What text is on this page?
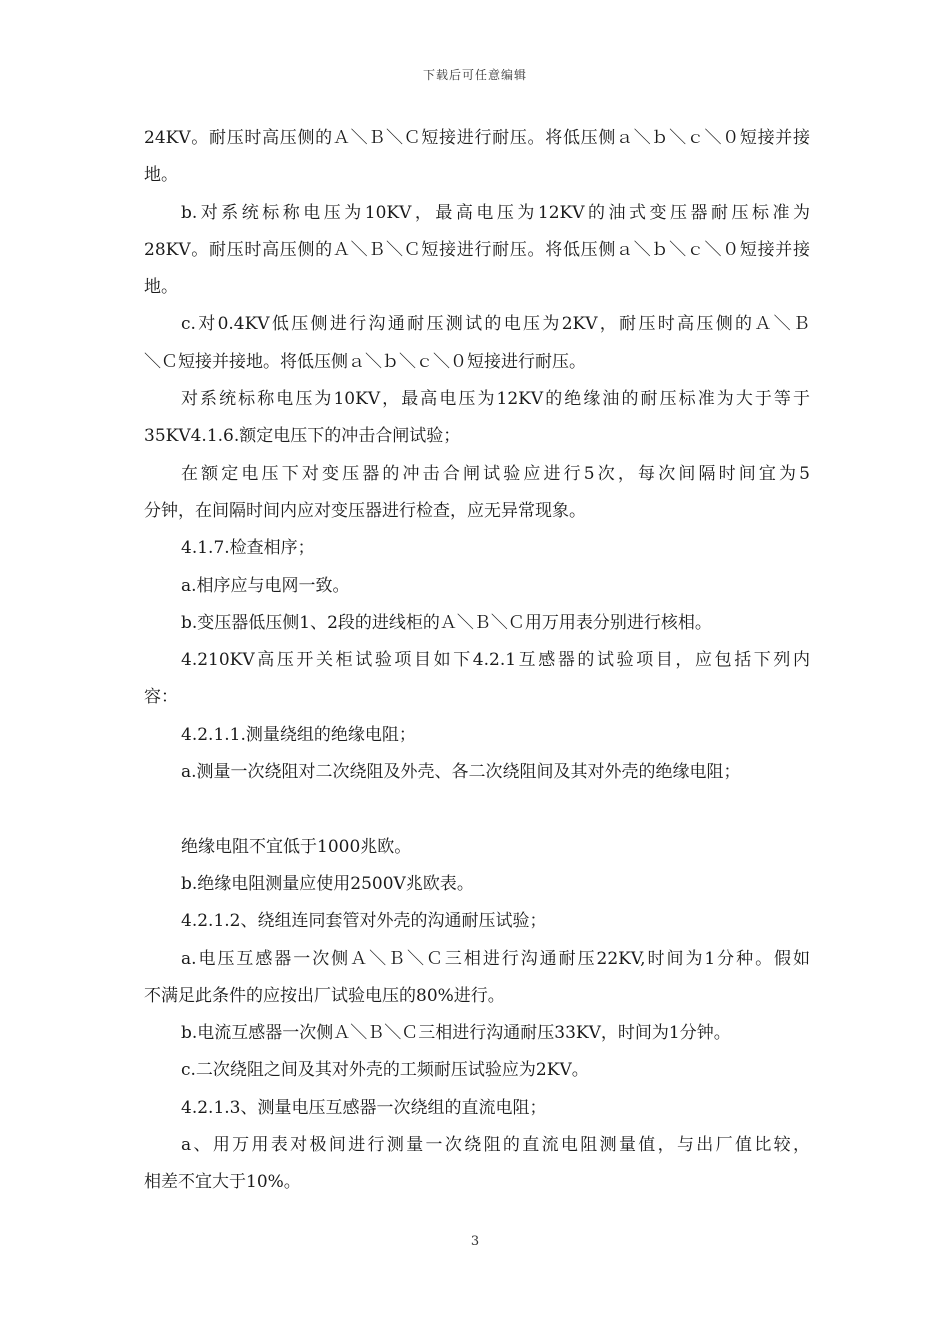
下载后可任意编辑
24KV。耐压时高压侧的Ａ＼Ｂ＼Ｃ短接进行耐压。将低压侧ａ＼ｂ＼ｃ＼０短接并接
地。
b.对系统标称电压为10KV，最高电压为12KV的油式变压器耐压标准为
28KV。耐压时高压侧的Ａ＼Ｂ＼Ｃ短接进行耐压。将低压侧ａ＼ｂ＼ｃ＼０短接并接
地。
c.对0.4KV低压侧进行沟通耐压测试的电压为2KV，耐压时高压侧的Ａ＼Ｂ
＼Ｃ短接并接地。将低压侧ａ＼ｂ＼ｃ＼０短接进行耐压。
对系统标称电压为10KV，最高电压为12KV的绝缘油的耐压标准为大于等于
35KV4.1.6.额定电压下的冲击合闸试验；
在额定电压下对变压器的冲击合闸试验应进行5次，每次间隔时间宜为5
分钟，在间隔时间内应对变压器进行检查，应无异常现象。
4.1.7.检查相序；
a.相序应与电网一致。
b.变压器低压侧1、2段的进线柜的Ａ＼Ｂ＼Ｃ用万用表分别进行核相。
4.210KV高压开关柜试验项目如下4.2.1互感器的试验项目，应包括下列内
容：
4.2.1.1.测量绕组的绝缘电阻；
a.测量一次绕阻对二次绕阻及外壳、各二次绕阻间及其对外壳的绝缘电阻；
绝缘电阻不宜低于1000兆欧。
b.绝缘电阻测量应使用2500V兆欧表。
4.2.1.2、绕组连同套管对外壳的沟通耐压试验；
a.电压互感器一次侧Ａ＼Ｂ＼Ｃ三相进行沟通耐压22KV,时间为1分种。假如
不满足此条件的应按出厂试验电压的80%进行。
b.电流互感器一次侧Ａ＼Ｂ＼Ｃ三相进行沟通耐压33KV，时间为1分钟。
c.二次绕阻之间及其对外壳的工频耐压试验应为2KV。
4.2.1.3、测量电压互感器一次绕组的直流电阻；
a、用万用表对极间进行测量一次绕阻的直流电阻测量值，与出厂值比较，
相差不宜大于10%。
3
